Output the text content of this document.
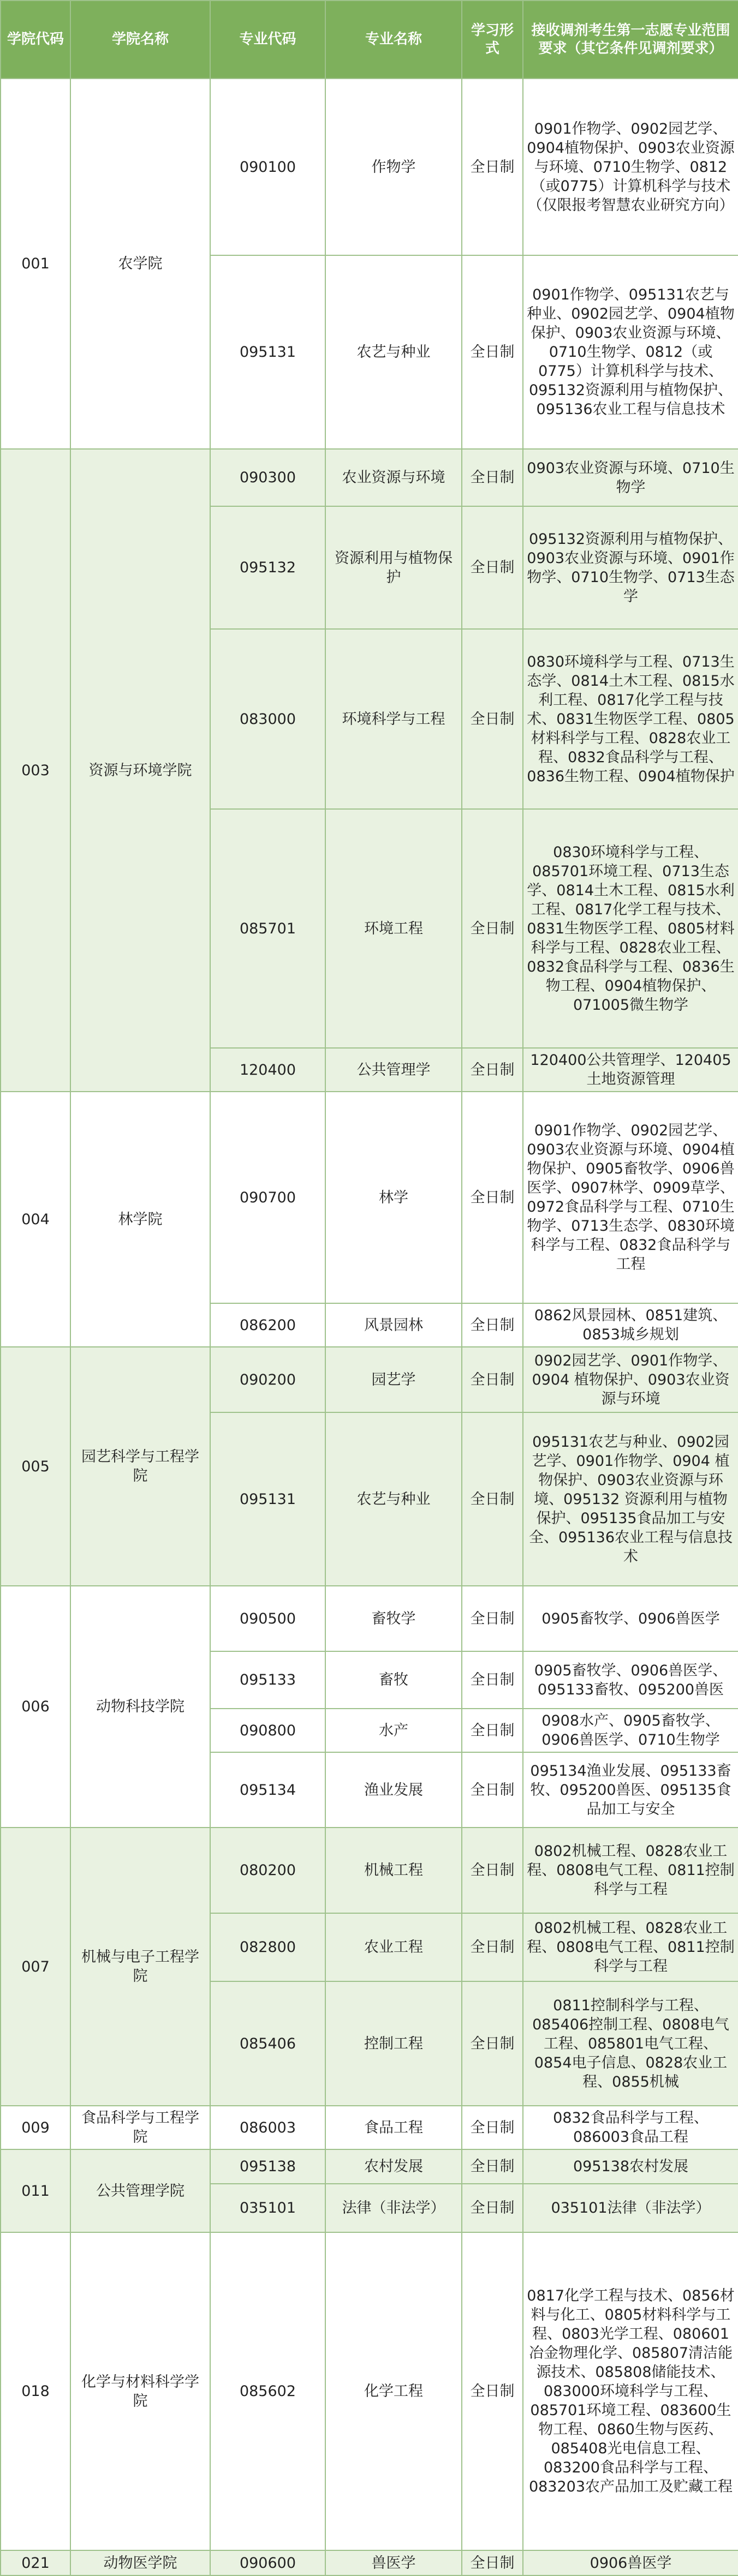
学院代码	学院名称	专业代码	专业名称	学习形式	接收调剂考生第一志愿专业范围要求（其它条件见调剂要求）
001	农学院	090100	作物学	全日制	0901作物学、0902园艺学、0904植物保护、0903农业资源与环境、0710生物学、0812（或0775）计算机科学与技术（仅限报考智慧农业研究方向）
		095131	农艺与种业	全日制	0901作物学、095131农艺与种业、0902园艺学、0904植物保护、0903农业资源与环境、0710生物学、0812（或0775）计算机科学与技术、095132资源利用与植物保护、095136农业工程与信息技术
003	资源与环境学院	090300	农业资源与环境	全日制	0903农业资源与环境、0710生物学
		095132	资源利用与植物保护	全日制	095132资源利用与植物保护、0903农业资源与环境、0901作物学、0710生物学、0713生态学
		083000	环境科学与工程	全日制	0830环境科学与工程、0713生态学、0814土木工程、0815水利工程、0817化学工程与技术、0831生物医学工程、0805材料科学与工程、0828农业工程、0832食品科学与工程、0836生物工程、0904植物保护
		085701	环境工程	全日制	0830环境科学与工程、085701环境工程、0713生态学、0814土木工程、0815水利工程、0817化学工程与技术、0831生物医学工程、0805材料科学与工程、0828农业工程、0832食品科学与工程、0836生物工程、0904植物保护、071005微生物学
		120400	公共管理学	全日制	120400公共管理学、120405土地资源管理
004	林学院	090700	林学	全日制	0901作物学、0902园艺学、0903农业资源与环境、0904植物保护、0905畜牧学、0906兽医学、0907林学、0909草学、0972食品科学与工程、0710生物学、0713生态学、0830环境科学与工程、0832食品科学与工程
		086200	风景园林	全日制	0862风景园林、0851建筑、0853城乡规划
005	园艺科学与工程学院	090200	园艺学	全日制	0902园艺学、0901作物学、0904 植物保护、0903农业资源与环境
		095131	农艺与种业	全日制	095131农艺与种业、0902园艺学、0901作物学、0904 植物保护、0903农业资源与环境、095132 资源利用与植物保护、095135食品加工与安全、095136农业工程与信息技术
006	动物科技学院	090500	畜牧学	全日制	0905畜牧学、0906兽医学
		095133	畜牧	全日制	0905畜牧学、0906兽医学、095133畜牧、095200兽医
		090800	水产	全日制	0908水产、0905畜牧学、0906兽医学、0710生物学
		095134	渔业发展	全日制	095134渔业发展、095133畜牧、095200兽医、095135食品加工与安全
007	机械与电子工程学院	080200	机械工程	全日制	0802机械工程、0828农业工程、0808电气工程、0811控制科学与工程
		082800	农业工程	全日制	0802机械工程、0828农业工程、0808电气工程、0811控制科学与工程
		085406	控制工程	全日制	0811控制科学与工程、085406控制工程、0808电气工程、085801电气工程、0854电子信息、0828农业工程、0855机械
009	食品科学与工程学院	086003	食品工程	全日制	0832食品科学与工程、086003食品工程
011	公共管理学院	095138	农村发展	全日制	095138农村发展
		035101	法律（非法学）	全日制	035101法律（非法学）
018	化学与材料科学学院	085602	化学工程	全日制	0817化学工程与技术、0856材料与化工、0805材料科学与工程、0803光学工程、080601冶金物理化学、085807清洁能源技术、085808储能技术、083000环境科学与工程、085701环境工程、083600生物工程、0860生物与医药、085408光电信息工程、083200食品科学与工程、083203农产品加工及贮藏工程
021	动物医学院	090600	兽医学	全日制	0906兽医学
